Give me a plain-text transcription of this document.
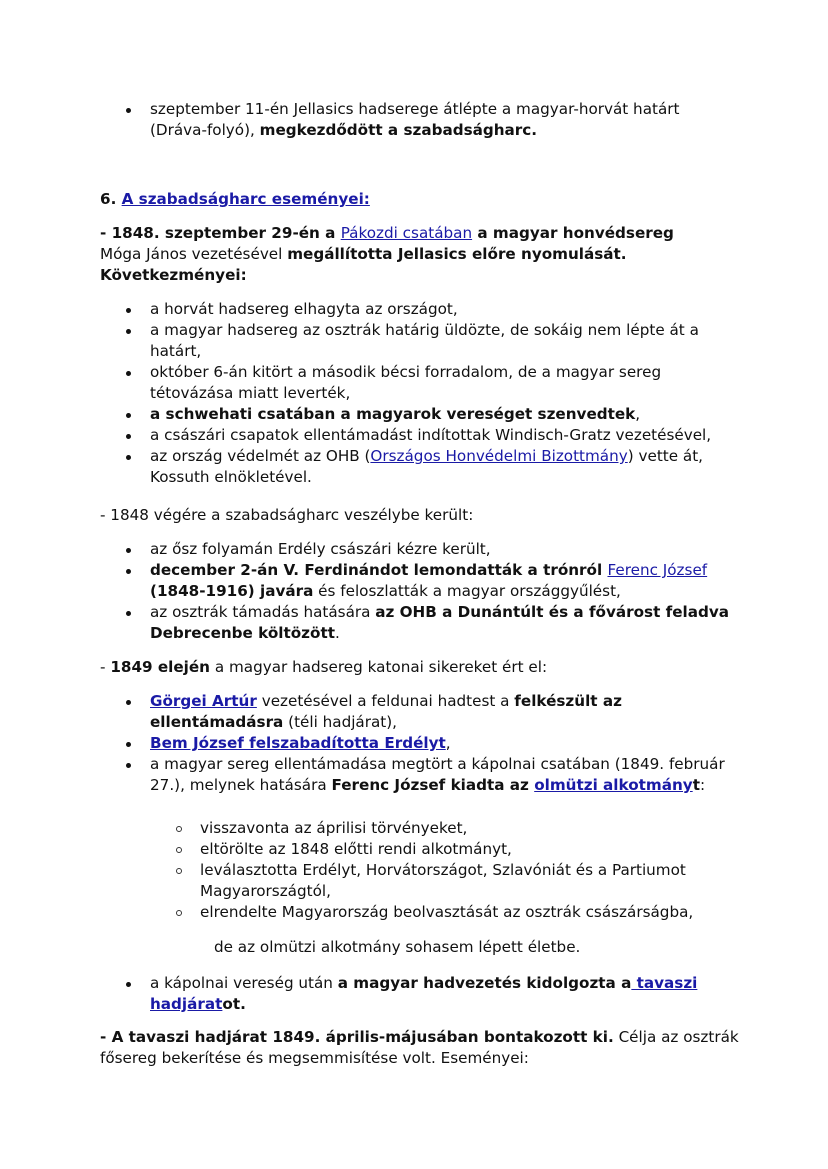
szeptember 11-én Jellasics hadserege átlépte a magyar-horvát határt (Dráva-folyó), megkezdődött a szabadságharc.

6. A szabadságharc eseményei:

- 1848. szeptember 29-én a Pákozdi csatában a magyar honvédsereg
Móga János vezetésével megállította Jellasics előre nyomulását.
Következményei:

a horvát hadsereg elhagyta az országot,
a magyar hadsereg az osztrák határig üldözte, de sokáig nem lépte át a határt,
október 6-án kitört a második bécsi forradalom, de a magyar sereg tétovázása miatt leverték,
a schwehati csatában a magyarok vereséget szenvedtek,
a császári csapatok ellentámadást indítottak Windisch-Gratz vezetésével,
az ország védelmét az OHB (Országos Honvédelmi Bizottmány) vette át, Kossuth elnökletével.

- 1848 végére a szabadságharc veszélybe került:

az ősz folyamán Erdély császári kézre került,
december 2-án V. Ferdinándot lemondatták a trónról Ferenc József (1848-1916) javára és feloszlatták a magyar országgyűlést,
az osztrák támadás hatására az OHB a Dunántúlt és a fővárost feladva Debrecenbe költözött.

- 1849 elején a magyar hadsereg katonai sikereket ért el:

Görgei Artúr vezetésével a feldunai hadtest a felkészült az ellentámadásra (téli hadjárat),
Bem József felszabadította Erdélyt,
a magyar sereg ellentámadása megtört a kápolnai csatában (1849. február 27.), melynek hatására Ferenc József kiadta az olmützi alkotmányt:
visszavonta az áprilisi törvényeket,
eltörölte az 1848 előtti rendi alkotmányt,
leválasztotta Erdélyt, Horvátországot, Szlavóniát és a Partiumot Magyarországtól,
elrendelte Magyarország beolvasztását az osztrák császárságba,

de az olmützi alkotmány sohasem lépett életbe.

a kápolnai vereség után a magyar hadvezetés kidolgozta a tavaszi hadjáratot.

- A tavaszi hadjárat 1849. április-májusában bontakozott ki. Célja az osztrák fősereg bekerítése és megsemmisítése volt. Eseményei:
